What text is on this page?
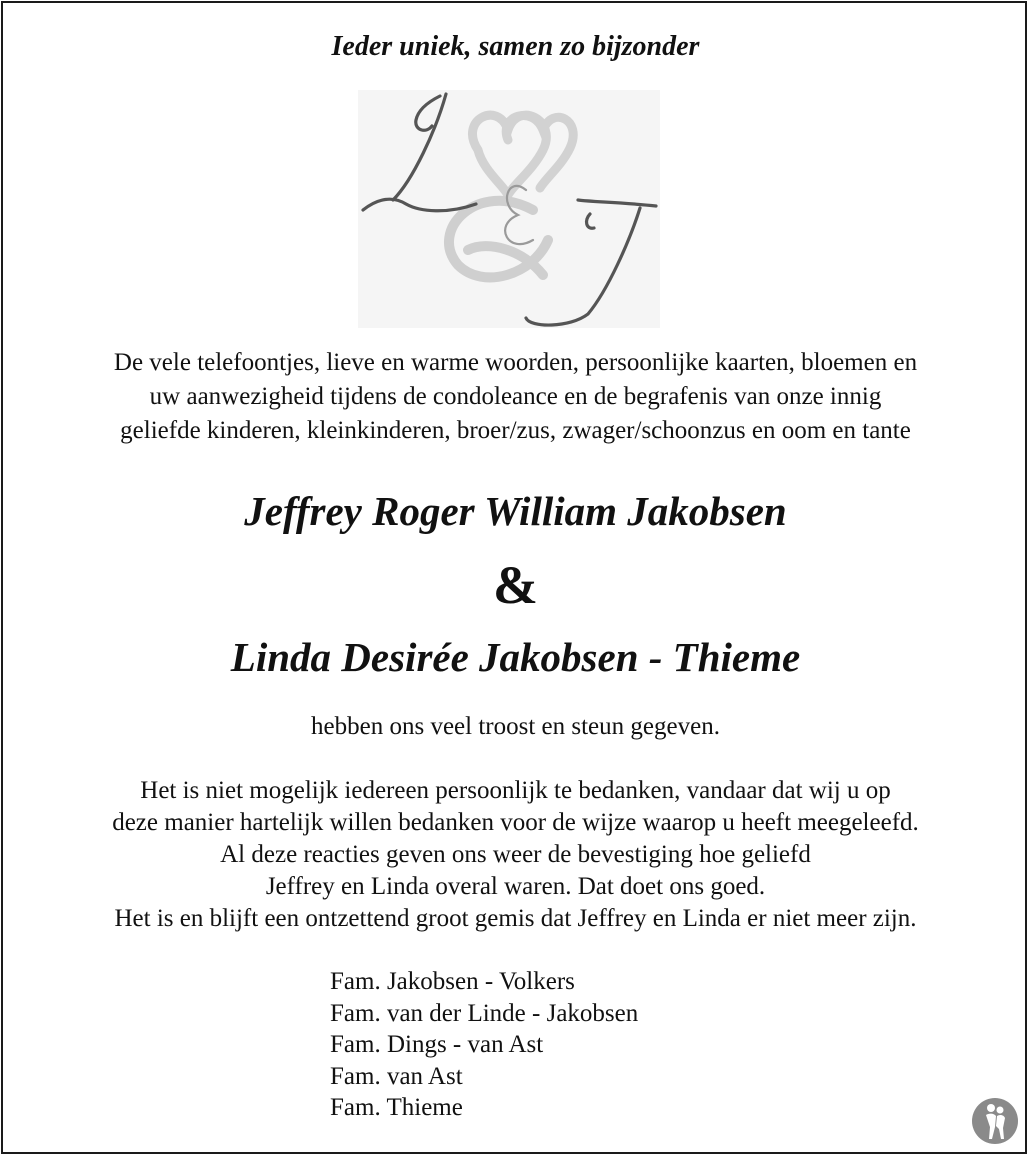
Ieder uniek, samen zo bijzonder
De vele telefoontjes, lieve en warme woorden, persoonlijke kaarten, bloemen en
uw aanwezigheid tijdens de condoleance en de begrafenis van onze innig
geliefde kinderen, kleinkinderen, broer/zus, zwager/schoonzus en oom en tante
Jeffrey Roger William Jakobsen
&
Linda Desirée Jakobsen - Thieme
hebben ons veel troost en steun gegeven.
Het is niet mogelijk iedereen persoonlijk te bedanken, vandaar dat wij u op
deze manier hartelijk willen bedanken voor de wijze waarop u heeft meegeleefd.
Al deze reacties geven ons weer de bevestiging hoe geliefd
Jeffrey en Linda overal waren. Dat doet ons goed.
Het is en blijft een ontzettend groot gemis dat Jeffrey en Linda er niet meer zijn.
Fam. Jakobsen - Volkers
Fam. van der Linde - Jakobsen
Fam. Dings - van Ast
Fam. van Ast
Fam. Thieme
